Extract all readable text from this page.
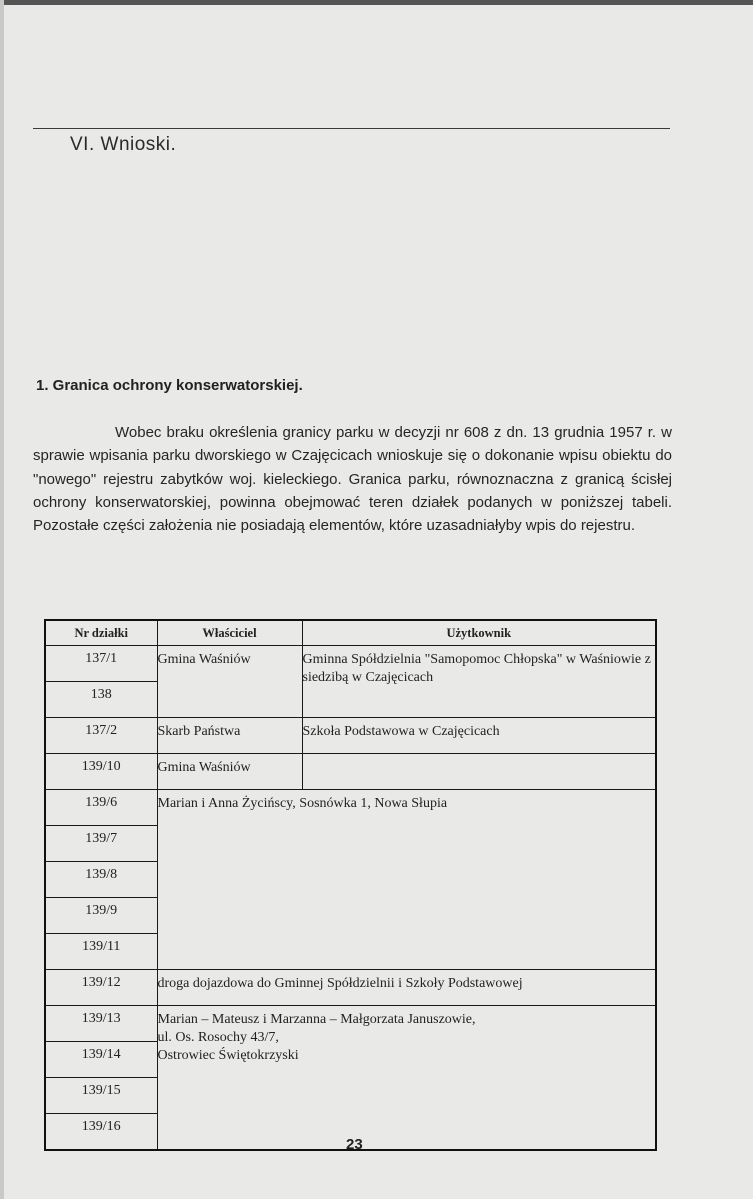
VI. Wnioski.
1. Granica ochrony konserwatorskiej.

Wobec braku określenia granicy parku w decyzji nr 608 z dn. 13 grudnia 1957 r. w sprawie wpisania parku dworskiego w Czajęcicach wnioskuje się o dokonanie wpisu obiektu do "nowego" rejestru zabytków woj. kieleckiego. Granica parku, równoznaczna z granicą ścisłej ochrony konserwatorskiej, powinna obejmować teren działek podanych w poniższej tabeli. Pozostałe części założenia nie posiadają elementów, które uzasadniałyby wpis do rejestru.

Nr działki	Właściciel	Użytkownik
137/1	Gmina Waśniów	Gminna Spółdzielnia "Samopomoc Chłopska" w Waśniowie z siedzibą w Czajęcicach
138		
137/2	Skarb Państwa	Szkoła Podstawowa w Czajęcicach
139/10	Gmina Waśniów	
139/6	Marian i Anna Życińscy, Sosnówka 1, Nowa Słupia	
139/7		
139/8		
139/9		
139/11		
139/12	droga dojazdowa do Gminnej Spółdzielnii i Szkoły Podstawowej	
139/13	Marian – Mateusz i Marzanna – Małgorzata Januszowie,
ul. Os. Rosochy 43/7,
Ostrowiec Świętokrzyski	

139/14		
139/15		
139/16		
23
